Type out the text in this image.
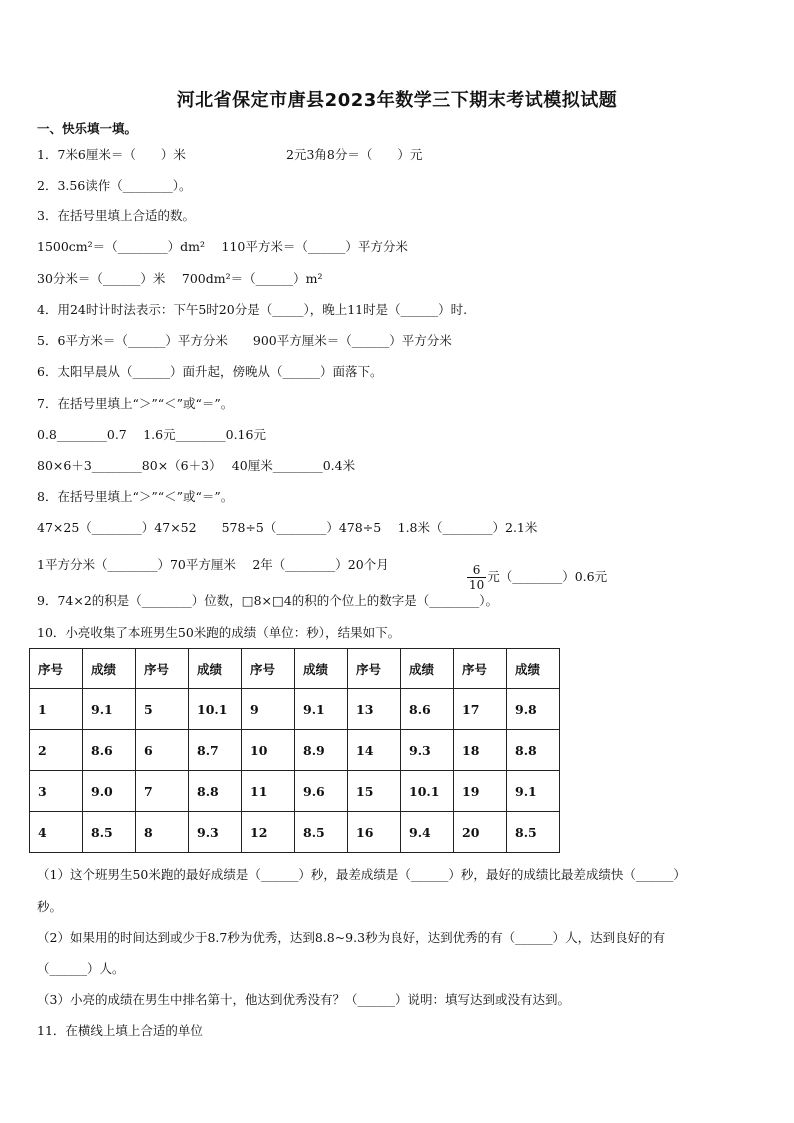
河北省保定市唐县2023年数学三下期末考试模拟试题
一、快乐填一填。
1．7米6厘米＝（　　）米	2元3角8分＝（　　）元
2．3.56读作（________）。
3．在括号里填上合适的数。
1500cm²＝（________）dm²　 110平方米＝（______）平方分米
30分米＝（______）米　 700dm²＝（______）m²
4．用24时计时法表示：下午5时20分是（_____），晚上11时是（______）时.
5．6平方米＝（______）平方分米　　900平方厘米＝（______）平方分米
6．太阳早晨从（______）面升起，傍晚从（______）面落下。
7．在括号里填上“＞”“＜”或“＝”。
0.8________0.7　 1.6元________0.16元
80×6＋3________80×（6＋3）　 40厘米________0.4米
8．在括号里填上“＞”“＜”或“＝”。
47×25（________）47×52　　578÷5（________）478÷5　 1.8米（________）2.1米
1平方分米（________）70平方厘米　 2年（________）20个月

	$\frac{6}{10}$ 元（________）0.6元

9．74×2的积是（________）位数，□8×□4的积的个位上的数字是（________）。
10．小亮收集了本班男生50米跑的成绩（单位：秒），结果如下。
序号	成绩	序号	成绩	序号	成绩	序号	成绩	序号	成绩
1	9.1	5	10.1	9	9.1	13	8.6	17	9.8
2	8.6	6	8.7	10	8.9	14	9.3	18	8.8
3	9.0	7	8.8	11	9.6	15	10.1	19	9.1
4	8.5	8	9.3	12	8.5	16	9.4	20	8.5
（1）这个班男生50米跑的最好成绩是（______）秒，最差成绩是（______）秒，最好的成绩比最差成绩快（______）
秒。
（2）如果用的时间达到或少于8.7秒为优秀，达到8.8~9.3秒为良好，达到优秀的有（______）人，达到良好的有
（______）人。
（3）小亮的成绩在男生中排名第十，他达到优秀没有？（______）说明：填写达到或没有达到。
11．在横线上填上合适的单位
